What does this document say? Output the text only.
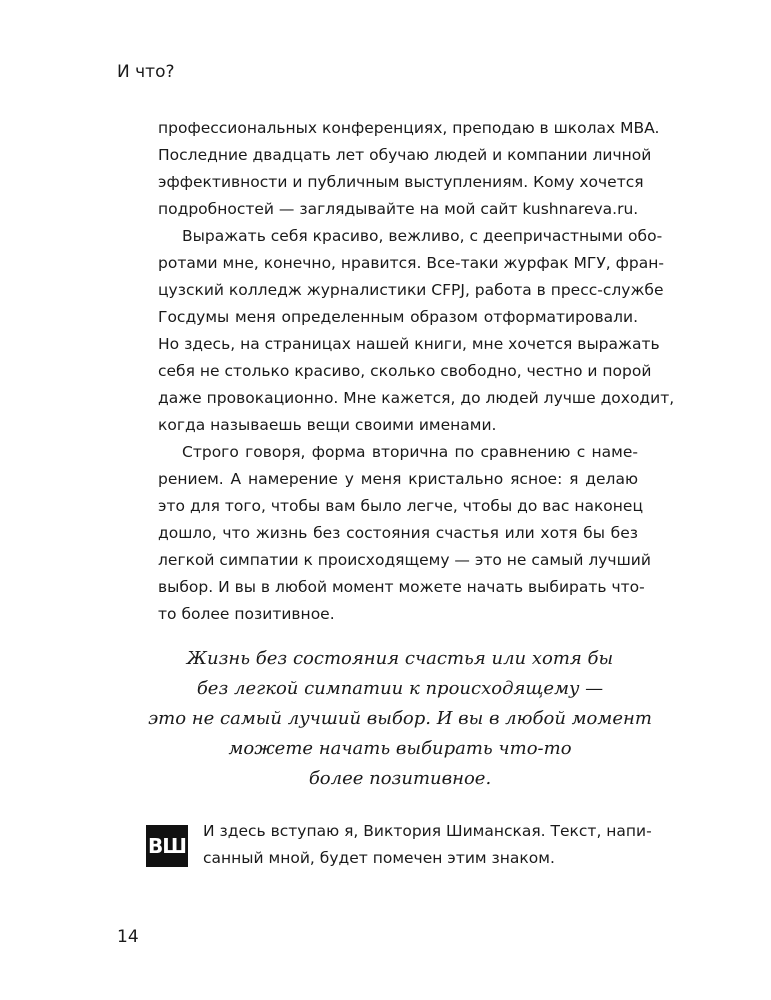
И что?
профессиональных конференциях, преподаю в школах MBA.
Последние двадцать лет обучаю людей и компании личной
эффективности и публичным выступлениям. Кому хочется
подробностей — заглядывайте на мой сайт kushnareva.ru.
Выражать себя красиво, вежливо, с деепричастными обо-
ротами мне, конечно, нравится. Все-таки журфак МГУ, фран-
цузский колледж журналистики CFPJ, работа в пресс-службе
Госдумы меня определенным образом отформатировали.
Но здесь, на страницах нашей книги, мне хочется выражать
себя не столько красиво, сколько свободно, честно и порой
даже провокационно. Мне кажется, до людей лучше доходит,
когда называешь вещи своими именами.
Строго говоря, форма вторична по сравнению с наме-
рением. А намерение у меня кристально ясное: я делаю
это для того, чтобы вам было легче, чтобы до вас наконец
дошло, что жизнь без состояния счастья или хотя бы без
легкой симпатии к происходящему — это не самый лучший
выбор. И вы в любой момент можете начать выбирать что-
то более позитивное.
Жизнь без состояния счастья или хотя бы
без легкой симпатии к происходящему —
это не самый лучший выбор. И вы в любой момент
можете начать выбирать что-то
более позитивное.
ВШ
И здесь вступаю я, Виктория Шиманская. Текст, напи-
санный мной, будет помечен этим знаком.
14
